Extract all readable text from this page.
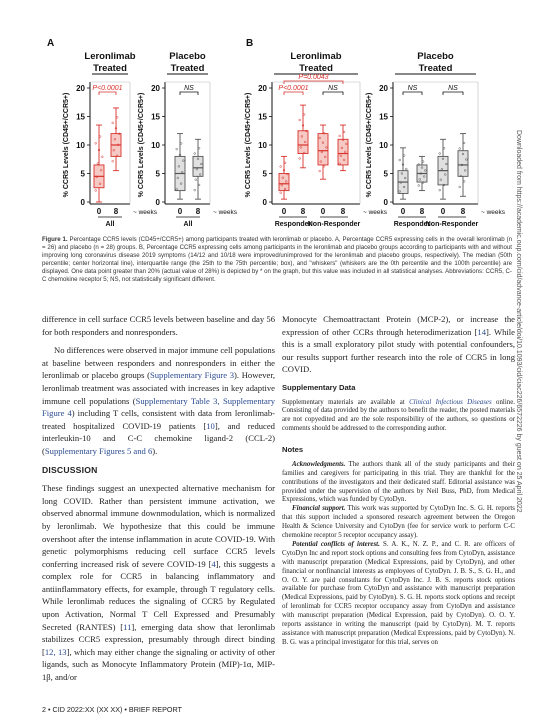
A	B
Leronlimab
Treated
0
5
10
15
20
% CCR5 Levels (CD45+/CCR5+)
0 8 ~ weeks
All
Placebo
Treated
0
5
10
15
20
% CCR5 Levels (CD45+/CCR5+)
0 8 ~ weeks
All
Leronlimab
Treated
0
5
10
15
20
% CCR5 Levels (CD45+/CCR5+)
0 8 0 8	~ weeks
Responder
Non-Responder
Placebo
Treated
0
5
10
15
20
% CCR5 Levels (CD45+/CCR5+)
0 8 0 8 ~ weeks
Responder
Non-Responder
P<0.0001	NS
P=0.0043
P<0.0001	NS	NS	NS
Figure 1. Percentage CCR5 levels (CD45+/CCR5+) among participants treated with leronlimab or placebo. A, Percentage CCR5 expressing cells in the overall leronlimab (n = 26) and placebo (n = 28) groups. B, Percentage CCR5 expressing cells among participants in the leronlimab and placebo groups according to participants with and without improving long coronavirus disease 2019 symptoms (14/12 and 10/18 were improved/unimproved for the leronlimab and placebo groups, respectively). The median (50th percentile; center horizontal line), interquartile range (the 25th to the 75th percentile; box), and "whiskers" (whiskers are the 0th percentile and the 100th percentile) are displayed. One data point greater than 20% (actual value of 28%) is depicted by * on the graph, but this value was included in all statistical analyses. Abbreviations: CCR5, C-C chemokine receptor 5; NS, not statistically significant different.

difference in cell surface CCR5 levels between baseline and day 56 for both responders and nonresponders.

No differences were observed in major immune cell populations at baseline between responders and nonresponders in either the leronlimab or placebo groups (Supplementary Figure 3). However, leronlimab treatment was associated with increases in key adaptive immune cell populations (Supplementary Table 3, Supplementary Figure 4) including T cells, consistent with data from leronlimab-treated hospitalized COVID-19 patients [10], and reduced interleukin-10 and C-C chemokine ligand-2 (CCL-2) (Supplementary Figures 5 and 6).

DISCUSSION

These findings suggest an unexpected alternative mechanism for long COVID. Rather than persistent immune activation, we observed abnormal immune downmodulation, which is normalized by leronlimab. We hypothesize that this could be immune overshoot after the intense inflammation in acute COVID-19. With genetic polymorphisms reducing cell surface CCR5 levels conferring increased risk of severe COVID-19 [4], this suggests a complex role for CCR5 in balancing inflammatory and antiinflammatory effects, for example, through T regulatory cells. While leronlimab reduces the signaling of CCR5 by Regulated upon Activation, Normal T Cell Expressed and Presumably Secreted (RANTES) [11], emerging data show that leronlimab stabilizes CCR5 expression, presumably through direct binding [12, 13], which may either change the signaling or activity of other ligands, such as Monocyte Inflammatory Protein (MIP)-1α, MIP-1β, and/or

Monocyte Chemoattractant Protein (MCP-2), or increase the expression of other CCRs through heterodimerization [14]. While this is a small exploratory pilot study with potential confounders, our results support further research into the role of CCR5 in long COVID.

Supplementary Data
Supplementary materials are available at Clinical Infectious Diseases online. Consisting of data provided by the authors to benefit the reader, the posted materials are not copyedited and are the sole responsibility of the authors, so questions or comments should be addressed to the corresponding author.
Notes

Acknowledgments. The authors thank all of the study participants and their families and caregivers for participating in this trial. They are thankful for the contributions of the investigators and their dedicated staff. Editorial assistance was provided under the supervision of the authors by Neil Buss, PhD, from Medical Expressions, which was funded by CytoDyn.

Financial support. This work was supported by CytoDyn Inc. S. G. H. reports that this support included a sponsored research agreement between the Oregon Health & Science University and CytoDyn (fee for service work to perform C-C chemokine receptor 5 receptor occupancy assay).

Potential conflicts of interest. S. A. K., N. Z. P., and C. R. are officers of CytoDyn Inc and report stock options and consulting fees from CytoDyn, assistance with manuscript preparation (Medical Expressions, paid by CytoDyn), and other financial or nonfinancial interests as employees of CytoDyn. J. B. S., S. G. H., and O. O. Y. are paid consultants for CytoDyn Inc. J. B. S. reports stock options available for purchase from CytoDyn and assistance with manuscript preparation (Medical Expressions, paid by CytoDyn). S. G. H. reports stock options and receipt of leronlimab for CCR5 receptor occupancy assay from CytoDyn and assistance with manuscript preparation (Medical Expression, paid by CytoDyn). O. O. Y. reports assistance in writing the manuscript (paid by CytoDyn). M. T. reports assistance with manuscript preparation (Medical Expressions, paid by CytoDyn). N. B. G. was a principal investigator for this trial, serves on

2 • CID 2022:XX (XX XX) • BRIEF REPORT
Downloaded from https://academic.oup.com/cid/advance-article/doi/10.1093/cid/ciac226/6572226 by guest on 25 April 2022
